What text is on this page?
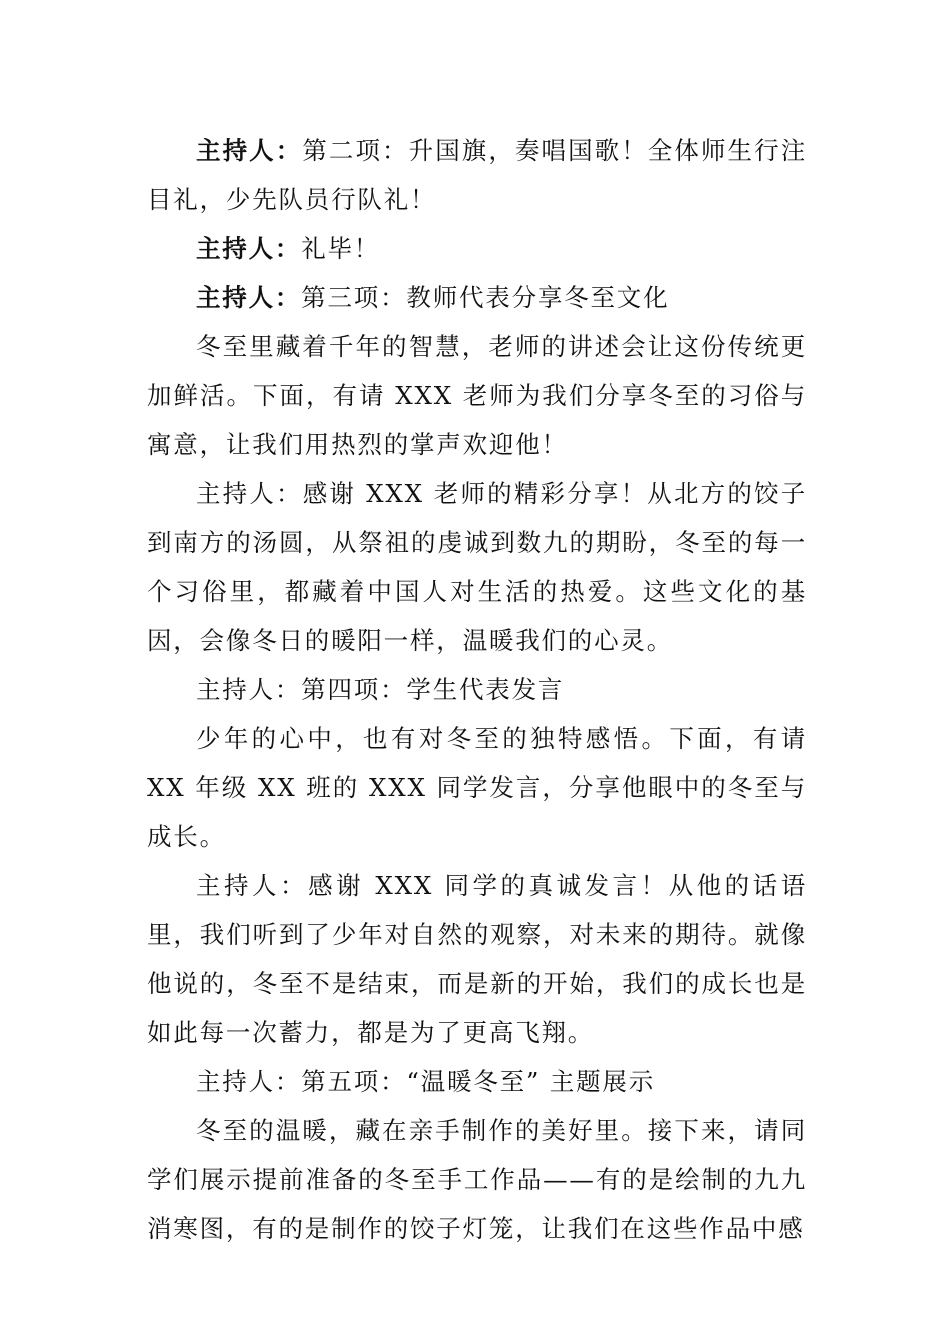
主持人：第二项：升国旗，奏唱国歌！全体师生行注目礼，少先队员行队礼！

主持人：礼毕！

主持人：第三项：教师代表分享冬至文化

冬至里藏着千年的智慧，老师的讲述会让这份传统更加鲜活。下面，有请 XXX 老师为我们分享冬至的习俗与寓意，让我们用热烈的掌声欢迎他！

主持人：感谢 XXX 老师的精彩分享！从北方的饺子到南方的汤圆，从祭祖的虔诚到数九的期盼，冬至的每一个习俗里，都藏着中国人对生活的热爱。这些文化的基因，会像冬日的暖阳一样，温暖我们的心灵。

主持人：第四项：学生代表发言

少年的心中，也有对冬至的独特感悟。下面，有请 XX 年级 XX 班的 XXX 同学发言，分享他眼中的冬至与成长。

主持人：感谢 XXX 同学的真诚发言！从他的话语里，我们听到了少年对自然的观察，对未来的期待。就像他说的，冬至不是结束，而是新的开始，我们的成长也是如此每一次蓄力，都是为了更高飞翔。

主持人：第五项：“温暖冬至” 主题展示

冬至的温暖，藏在亲手制作的美好里。接下来，请同学们展示提前准备的冬至手工作品——有的是绘制的九九消寒图，有的是制作的饺子灯笼，让我们在这些作品中感
